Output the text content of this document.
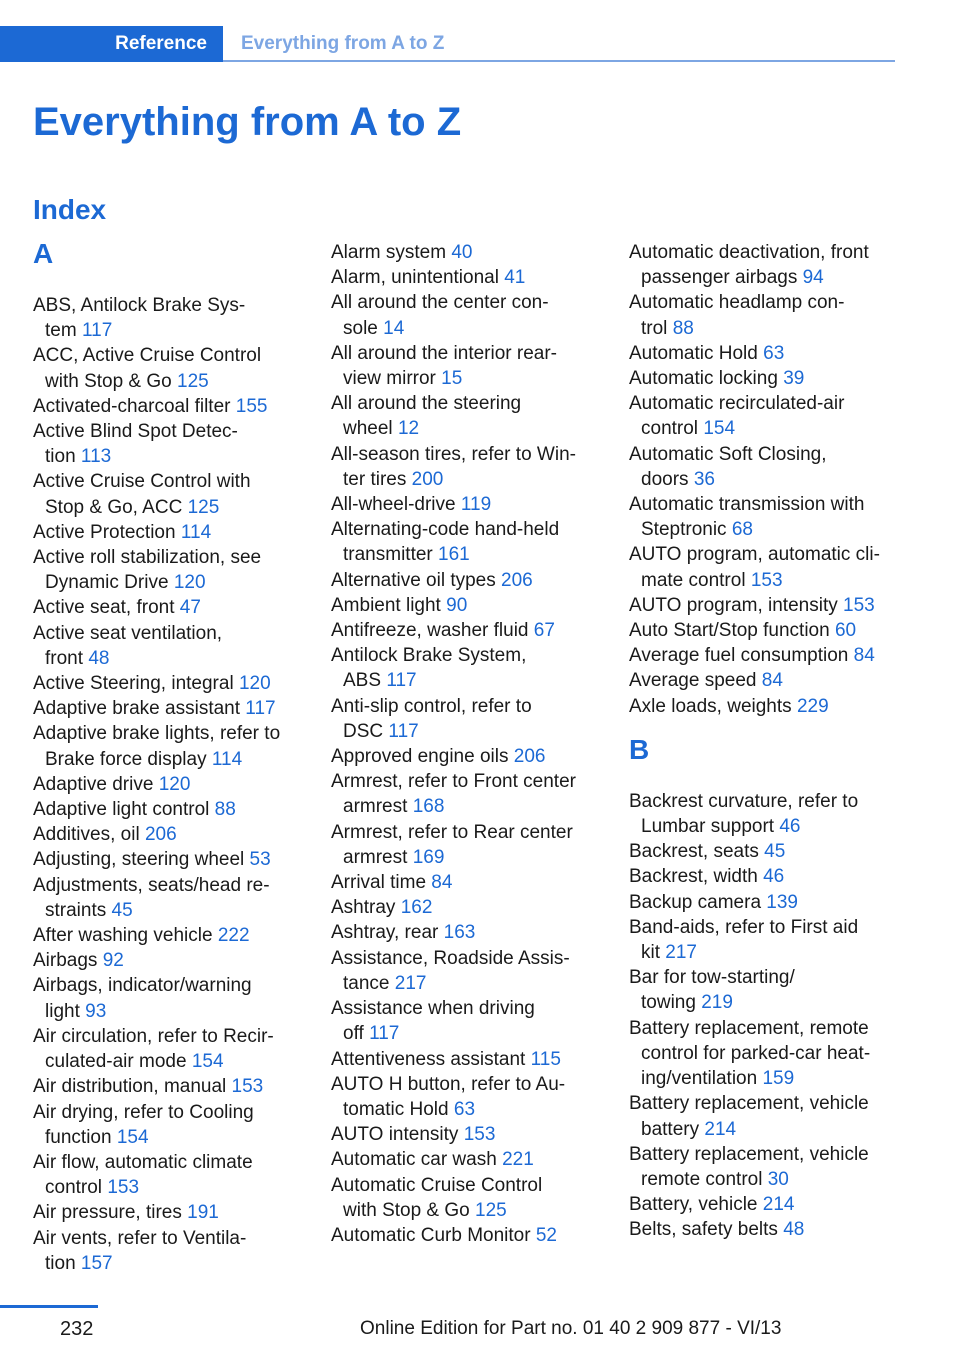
Reference	Everything from A to Z
Everything from A to Z
Index
A
ABS, Antilock Brake Sys-
tem 117
ACC, Active Cruise Control
with Stop & Go 125
Activated-charcoal filter 155
Active Blind Spot Detec-
tion 113
Active Cruise Control with
Stop & Go, ACC 125
Active Protection 114
Active roll stabilization, see
Dynamic Drive 120
Active seat, front 47
Active seat ventilation,
front 48
Active Steering, integral 120
Adaptive brake assistant 117
Adaptive brake lights, refer to
Brake force display 114
Adaptive drive 120
Adaptive light control 88
Additives, oil 206
Adjusting, steering wheel 53
Adjustments, seats/head re-
straints 45
After washing vehicle 222
Airbags 92
Airbags, indicator/warning
light 93
Air circulation, refer to Recir-
culated-air mode 154
Air distribution, manual 153
Air drying, refer to Cooling
function 154
Air flow, automatic climate
control 153
Air pressure, tires 191
Air vents, refer to Ventila-
tion 157
Alarm system 40
Alarm, unintentional 41
All around the center con-
sole 14
All around the interior rear-
view mirror 15
All around the steering
wheel 12
All-season tires, refer to Win-
ter tires 200
All-wheel-drive 119
Alternating-code hand-held
transmitter 161
Alternative oil types 206
Ambient light 90
Antifreeze, washer fluid 67
Antilock Brake System,
ABS 117
Anti-slip control, refer to
DSC 117
Approved engine oils 206
Armrest, refer to Front center
armrest 168
Armrest, refer to Rear center
armrest 169
Arrival time 84
Ashtray 162
Ashtray, rear 163
Assistance, Roadside Assis-
tance 217
Assistance when driving
off 117
Attentiveness assistant 115
AUTO H button, refer to Au-
tomatic Hold 63
AUTO intensity 153
Automatic car wash 221
Automatic Cruise Control
with Stop & Go 125
Automatic Curb Monitor 52
Automatic deactivation, front
passenger airbags 94
Automatic headlamp con-
trol 88
Automatic Hold 63
Automatic locking 39
Automatic recirculated-air
control 154
Automatic Soft Closing,
doors 36
Automatic transmission with
Steptronic 68
AUTO program, automatic cli-
mate control 153
AUTO program, intensity 153
Auto Start/Stop function 60
Average fuel consumption 84
Average speed 84
Axle loads, weights 229
B
Backrest curvature, refer to
Lumbar support 46
Backrest, seats 45
Backrest, width 46
Backup camera 139
Band-aids, refer to First aid
kit 217
Bar for tow-starting/
towing 219
Battery replacement, remote
control for parked-car heat-
ing/ventilation 159
Battery replacement, vehicle
battery 214
Battery replacement, vehicle
remote control 30
Battery, vehicle 214
Belts, safety belts 48
232	Online Edition for Part no. 01 40 2 909 877 - VI/13
